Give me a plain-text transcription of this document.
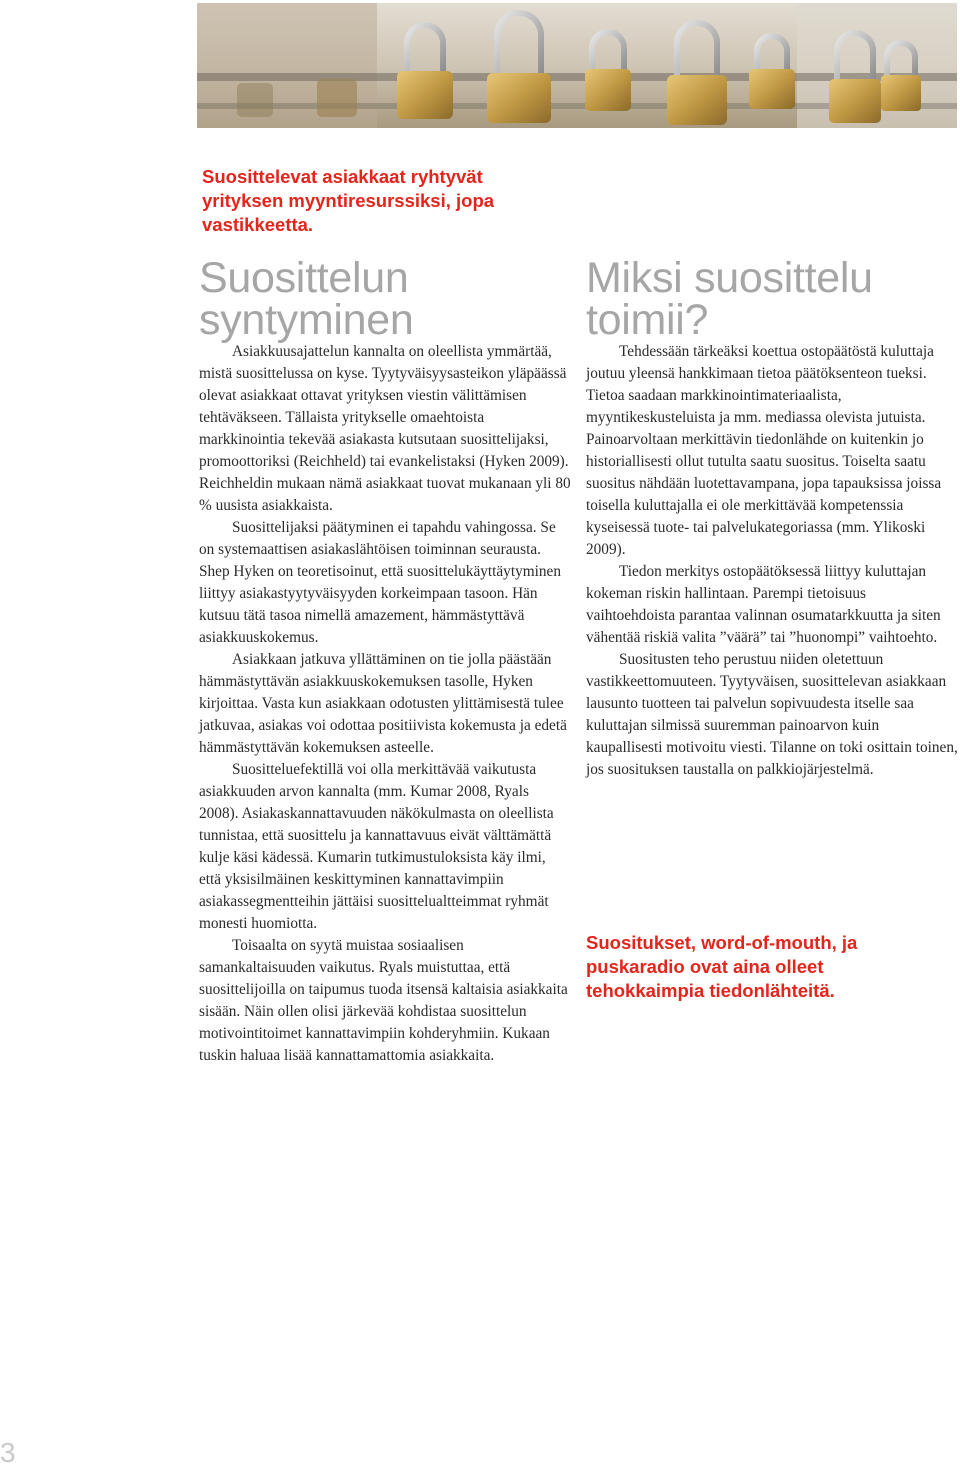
Suosittelevat asiakkaat ryhtyvät yrityksen myyntiresurssiksi, jopa vastikkeetta.

Suosittelun syntyminen

Asiakkuusajattelun kannalta on oleellista ymmärtää, mistä suosittelussa on kyse. Tyytyväisyysasteikon yläpäässä olevat asiakkaat ottavat yrityksen viestin välittämisen tehtäväkseen. Tällaista yritykselle omaehtoista markkinointia tekevää asiakasta kutsutaan suosittelijaksi, promoottoriksi (Reichheld) tai evankelistaksi (Hyken 2009). Reichheldin mukaan nämä asiakkaat tuovat mukanaan yli 80 % uusista asiakkaista.

Suosittelijaksi päätyminen ei tapahdu vahingossa. Se on systemaattisen asiakaslähtöisen toiminnan seurausta. Shep Hyken on teoretisoinut, että suosittelukäyttäytyminen liittyy asiakastyytyväisyyden korkeimpaan tasoon. Hän kutsuu tätä tasoa nimellä amazement, hämmästyttävä asiakkuuskokemus.

Asiakkaan jatkuva yllättäminen on tie jolla päästään hämmästyttävän asiakkuuskokemuksen tasolle, Hyken kirjoittaa. Vasta kun asiakkaan odotusten ylittämisestä tulee jatkuvaa, asiakas voi odottaa positiivista kokemusta ja edetä hämmästyttävän kokemuksen asteelle.

Suositteluefektillä voi olla merkittävää vaikutusta asiakkuuden arvon kannalta (mm. Kumar 2008, Ryals 2008). Asiakaskannattavuuden näkökulmasta on oleellista tunnistaa, että suosittelu ja kannattavuus eivät välttämättä kulje käsi kädessä. Kumarin tutkimustuloksista käy ilmi, että yksisilmäinen keskittyminen kannattavimpiin asiakassegmentteihin jättäisi suosittelualtteimmat ryhmät monesti huomiotta.

Toisaalta on syytä muistaa sosiaalisen samankaltaisuuden vaikutus. Ryals muistuttaa, että suosittelijoilla on taipumus tuoda itsensä kaltaisia asiakkaita sisään. Näin ollen olisi järkevää kohdistaa suosittelun motivointitoimet kannattavimpiin kohderyhmiin. Kukaan tuskin haluaa lisää kannattamattomia asiakkaita.

Miksi suosittelu toimii?

Tehdessään tärkeäksi koettua ostopäätöstä kuluttaja joutuu yleensä hankkimaan tietoa päätöksenteon tueksi. Tietoa saadaan markkinointimateriaalista, myyntikeskusteluista ja mm. mediassa olevista jutuista. Painoarvoltaan merkittävin tiedonlähde on kuitenkin jo historiallisesti ollut tutulta saatu suositus. Toiselta saatu suositus nähdään luotettavampana, jopa tapauksissa joissa toisella kuluttajalla ei ole merkittävää kompetenssia kyseisessä tuote- tai palvelukategoriassa (mm. Ylikoski 2009).

Tiedon merkitys ostopäätöksessä liittyy kuluttajan kokeman riskin hallintaan. Parempi tietoisuus vaihtoehdoista parantaa valinnan osumatarkkuutta ja siten vähentää riskiä valita ”väärä” tai ”huonompi” vaihtoehto.

Suositusten teho perustuu niiden oletettuun vastikkeettomuuteen. Tyytyväisen, suosittelevan asiakkaan lausunto tuotteen tai palvelun sopivuudesta itselle saa kuluttajan silmissä suuremman painoarvon kuin kaupallisesti motivoitu viesti. Tilanne on toki osittain toinen, jos suosituksen taustalla on palkkiojärjestelmä.

Suositukset, word-of-mouth, ja puskaradio ovat aina olleet tehokkaimpia tiedonlähteitä.

3
